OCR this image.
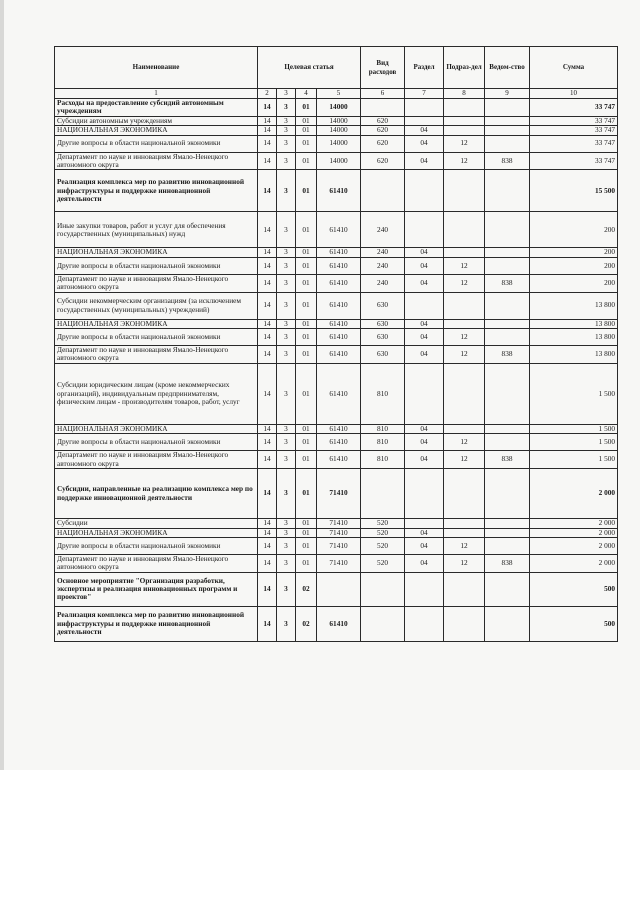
Наименование	Целевая статья				Вид расходов	Раздел	Подраз-дел	Ведом-ство	Сумма
1	2	3	4	5	6	7	8	9	10
Расходы на предоставление субсидий автономным учреждениям	14	3	01	14000					33 747
Субсидии автономным учреждениям	14	3	01	14000	620				33 747
НАЦИОНАЛЬНАЯ ЭКОНОМИКА	14	3	01	14000	620	04			33 747
Другие вопросы в области национальной экономики	14	3	01	14000	620	04	12		33 747
Департамент по науке и инновациям Ямало-Ненецкого автономного округа	14	3	01	14000	620	04	12	838	33 747
Реализация комплекса мер по развитию инновационной инфраструктуры и поддержке инновационной деятельности	14	3	01	61410					15 500
Иные закупки товаров, работ и услуг для обеспечения государственных (муниципальных) нужд	14	3	01	61410	240				200
НАЦИОНАЛЬНАЯ ЭКОНОМИКА	14	3	01	61410	240	04			200
Другие вопросы в области национальной экономики	14	3	01	61410	240	04	12		200
Департамент по науке и инновациям Ямало-Ненецкого автономного округа	14	3	01	61410	240	04	12	838	200
Субсидии некоммерческим организациям (за исключением государственных (муниципальных) учреждений)	14	3	01	61410	630				13 800
НАЦИОНАЛЬНАЯ ЭКОНОМИКА	14	3	01	61410	630	04			13 800
Другие вопросы в области национальной экономики	14	3	01	61410	630	04	12		13 800
Департамент по науке и инновациям Ямало-Ненецкого автономного округа	14	3	01	61410	630	04	12	838	13 800
Субсидии юридическим лицам (кроме некоммерческих организаций), индивидуальным предпринимателям, физическим лицам - производителям товаров, работ, услуг	14	3	01	61410	810				1 500
НАЦИОНАЛЬНАЯ ЭКОНОМИКА	14	3	01	61410	810	04			1 500
Другие вопросы в области национальной экономики	14	3	01	61410	810	04	12		1 500
Департамент по науке и инновациям Ямало-Ненецкого автономного округа	14	3	01	61410	810	04	12	838	1 500
Субсидии, направленные на реализацию комплекса мер по поддержке инновационной деятельности	14	3	01	71410					2 000
Субсидии	14	3	01	71410	520				2 000
НАЦИОНАЛЬНАЯ ЭКОНОМИКА	14	3	01	71410	520	04			2 000
Другие вопросы в области национальной экономики	14	3	01	71410	520	04	12		2 000
Департамент по науке и инновациям Ямало-Ненецкого автономного округа	14	3	01	71410	520	04	12	838	2 000
Основное мероприятие "Организация разработки, экспертизы и реализация инновационных программ и проектов"	14	3	02						500
Реализация комплекса мер по развитию инновационной инфраструктуры и поддержке инновационной деятельности	14	3	02	61410					500
